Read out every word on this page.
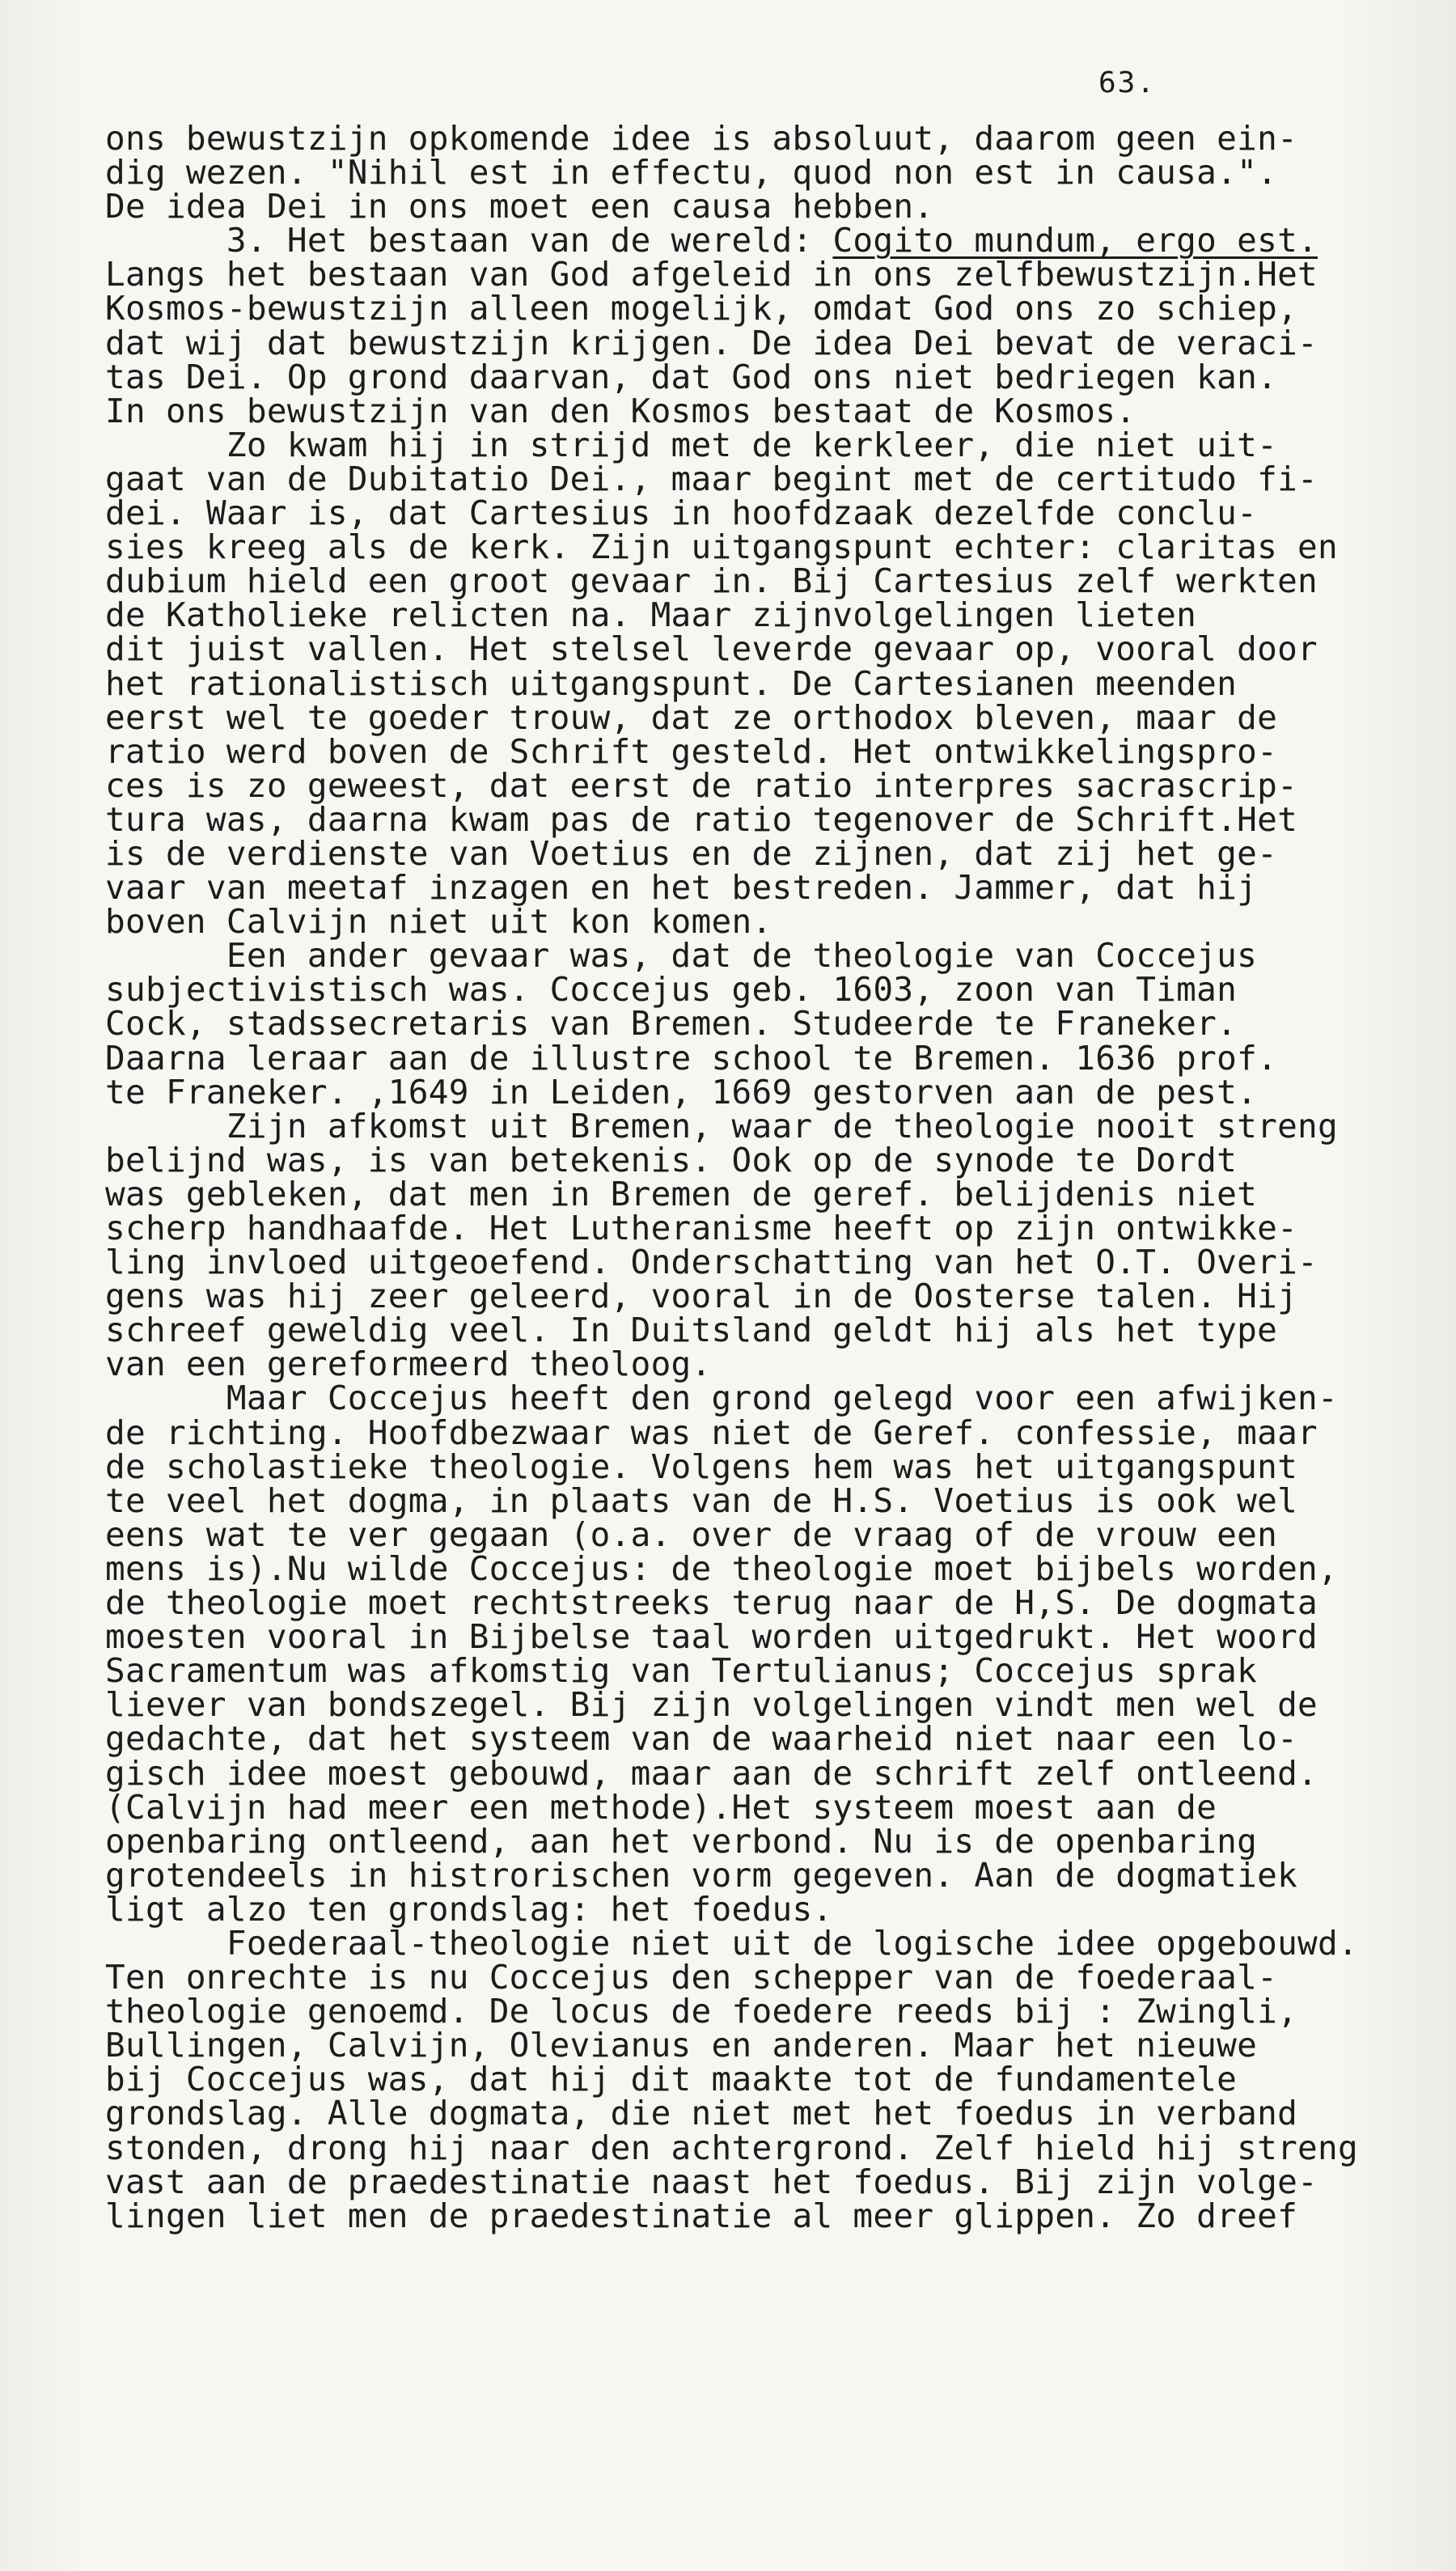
63.
ons bewustzijn opkomende idee is absoluut, daarom geen ein-
dig wezen. "Nihil est in effectu, quod non est in causa.".
De idea Dei in ons moet een causa hebben.
3. Het bestaan van de wereld: Cogito mundum, ergo est.
Langs het bestaan van God afgeleid in ons zelfbewustzijn.Het
Kosmos-bewustzijn alleen mogelijk, omdat God ons zo schiep,
dat wij dat bewustzijn krijgen. De idea Dei bevat de veraci-
tas Dei. Op grond daarvan, dat God ons niet bedriegen kan.
In ons bewustzijn van den Kosmos bestaat de Kosmos.
Zo kwam hij in strijd met de kerkleer, die niet uit-
gaat van de Dubitatio Dei., maar begint met de certitudo fi-
dei. Waar is, dat Cartesius in hoofdzaak dezelfde conclu-
sies kreeg als de kerk. Zijn uitgangspunt echter: claritas en
dubium hield een groot gevaar in. Bij Cartesius zelf werkten
de Katholieke relicten na. Maar zijnvolgelingen lieten
dit juist vallen. Het stelsel leverde gevaar op, vooral door
het rationalistisch uitgangspunt. De Cartesianen meenden
eerst wel te goeder trouw, dat ze orthodox bleven, maar de
ratio werd boven de Schrift gesteld. Het ontwikkelingspro-
ces is zo geweest, dat eerst de ratio interpres sacrascrip-
tura was, daarna kwam pas de ratio tegenover de Schrift.Het
is de verdienste van Voetius en de zijnen, dat zij het ge-
vaar van meetaf inzagen en het bestreden. Jammer, dat hij
boven Calvijn niet uit kon komen.
Een ander gevaar was, dat de theologie van Coccejus
subjectivistisch was. Coccejus geb. 1603, zoon van Timan
Cock, stadssecretaris van Bremen. Studeerde te Franeker.
Daarna leraar aan de illustre school te Bremen. 1636 prof.
te Franeker. ,1649 in Leiden, 1669 gestorven aan de pest.
Zijn afkomst uit Bremen, waar de theologie nooit streng
belijnd was, is van betekenis. Ook op de synode te Dordt
was gebleken, dat men in Bremen de geref. belijdenis niet
scherp handhaafde. Het Lutheranisme heeft op zijn ontwikke-
ling invloed uitgeoefend. Onderschatting van het O.T. Overi-
gens was hij zeer geleerd, vooral in de Oosterse talen. Hij
schreef geweldig veel. In Duitsland geldt hij als het type
van een gereformeerd theoloog.
Maar Coccejus heeft den grond gelegd voor een afwijken-
de richting. Hoofdbezwaar was niet de Geref. confessie, maar
de scholastieke theologie. Volgens hem was het uitgangspunt
te veel het dogma, in plaats van de H.S. Voetius is ook wel
eens wat te ver gegaan (o.a. over de vraag of de vrouw een
mens is).Nu wilde Coccejus: de theologie moet bijbels worden,
de theologie moet rechtstreeks terug naar de H,S. De dogmata
moesten vooral in Bijbelse taal worden uitgedrukt. Het woord
Sacramentum was afkomstig van Tertulianus; Coccejus sprak
liever van bondszegel. Bij zijn volgelingen vindt men wel de
gedachte, dat het systeem van de waarheid niet naar een lo-
gisch idee moest gebouwd, maar aan de schrift zelf ontleend.
(Calvijn had meer een methode).Het systeem moest aan de
openbaring ontleend, aan het verbond. Nu is de openbaring
grotendeels in histrorischen vorm gegeven. Aan de dogmatiek
ligt alzo ten grondslag: het foedus.
Foederaal-theologie niet uit de logische idee opgebouwd.
Ten onrechte is nu Coccejus den schepper van de foederaal-
theologie genoemd. De locus de foedere reeds bij : Zwingli,
Bullingen, Calvijn, Olevianus en anderen. Maar het nieuwe
bij Coccejus was, dat hij dit maakte tot de fundamentele
grondslag. Alle dogmata, die niet met het foedus in verband
stonden, drong hij naar den achtergrond. Zelf hield hij streng
vast aan de praedestinatie naast het foedus. Bij zijn volge-
lingen liet men de praedestinatie al meer glippen. Zo dreef
